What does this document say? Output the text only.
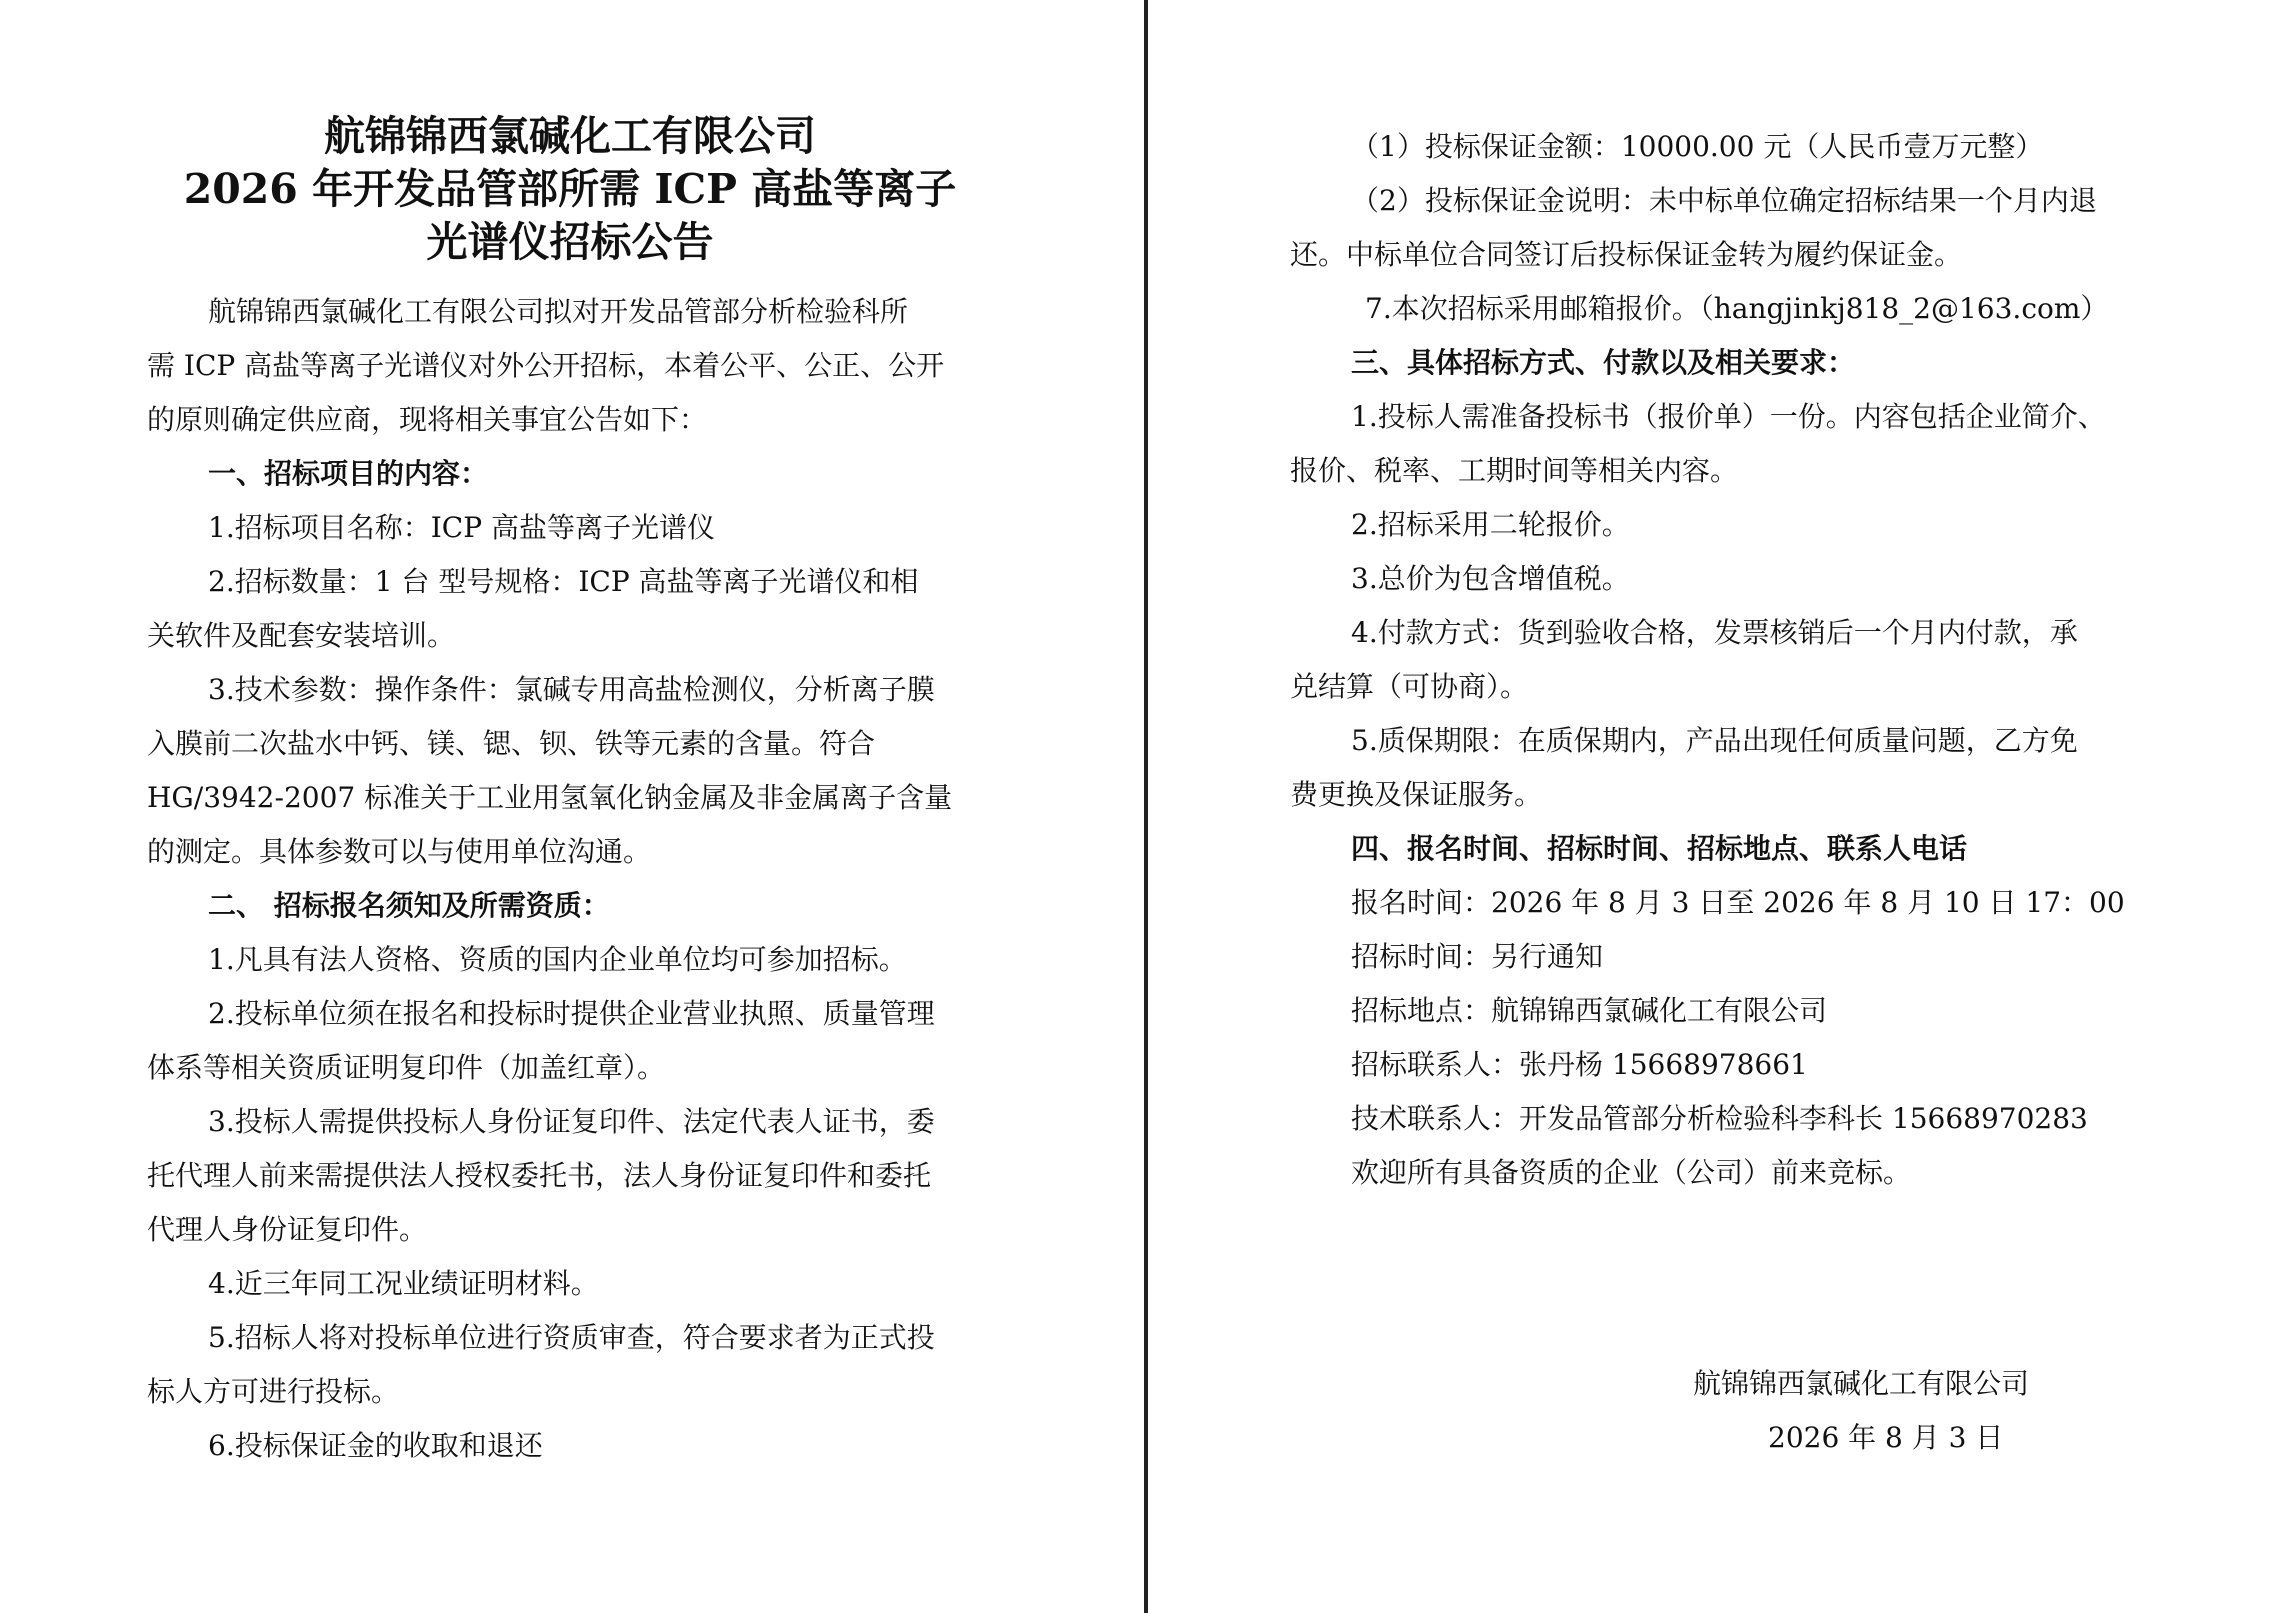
航锦锦西氯碱化工有限公司
2026 年开发品管部所需 ICP 高盐等离子
光谱仪招标公告
航锦锦西氯碱化工有限公司拟对开发品管部分析检验科所
需 ICP 高盐等离子光谱仪对外公开招标，本着公平、公正、公开
的原则确定供应商，现将相关事宜公告如下：
一、招标项目的内容：
1.招标项目名称：ICP 高盐等离子光谱仪
2.招标数量：1 台 型号规格：ICP 高盐等离子光谱仪和相
关软件及配套安装培训。
3.技术参数：操作条件：氯碱专用高盐检测仪，分析离子膜
入膜前二次盐水中钙、镁、锶、钡、铁等元素的含量。符合
HG/3942-2007 标准关于工业用氢氧化钠金属及非金属离子含量
的测定。具体参数可以与使用单位沟通。
二、 招标报名须知及所需资质：
1.凡具有法人资格、资质的国内企业单位均可参加招标。
2.投标单位须在报名和投标时提供企业营业执照、质量管理
体系等相关资质证明复印件（加盖红章）。
3.投标人需提供投标人身份证复印件、法定代表人证书，委
托代理人前来需提供法人授权委托书，法人身份证复印件和委托
代理人身份证复印件。
4.近三年同工况业绩证明材料。
5.招标人将对投标单位进行资质审查，符合要求者为正式投
标人方可进行投标。
6.投标保证金的收取和退还
（1）投标保证金额：10000.00 元（人民币壹万元整）
（2）投标保证金说明：未中标单位确定招标结果一个月内退
还。中标单位合同签订后投标保证金转为履约保证金。
7.本次招标采用邮箱报价。（hangjinkj818_2@163.com）
三、具体招标方式、付款以及相关要求：
1.投标人需准备投标书（报价单）一份。内容包括企业简介、
报价、税率、工期时间等相关内容。
2.招标采用二轮报价。
3.总价为包含增值税。
4.付款方式：货到验收合格，发票核销后一个月内付款，承
兑结算（可协商）。
5.质保期限：在质保期内，产品出现任何质量问题，乙方免
费更换及保证服务。
四、报名时间、招标时间、招标地点、联系人电话
报名时间：2026 年 8 月 3 日至 2026 年 8 月 10 日 17：00
招标时间：另行通知
招标地点：航锦锦西氯碱化工有限公司
招标联系人：张丹杨 15668978661
技术联系人：开发品管部分析检验科李科长 15668970283
欢迎所有具备资质的企业（公司）前来竞标。
航锦锦西氯碱化工有限公司
2026 年 8 月 3 日
